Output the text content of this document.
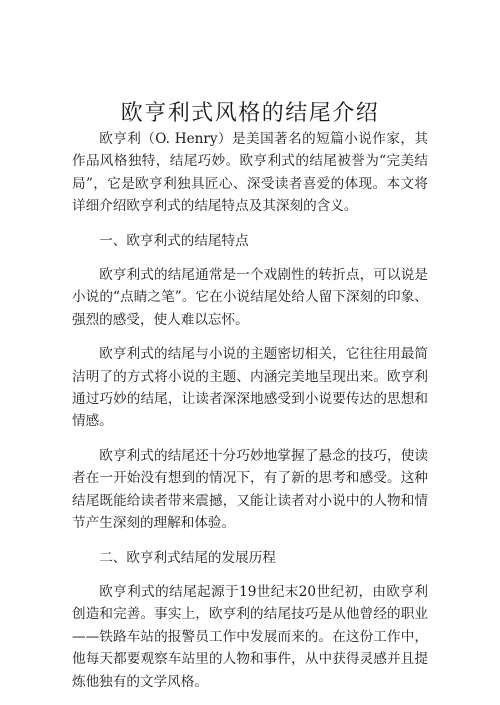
欧亨利式风格的结尾介绍

欧亨利（O. Henry）是美国著名的短篇小说作家，其作品风格独特，结尾巧妙。欧亨利式的结尾被誉为“完美结局”，它是欧亨利独具匠心、深受读者喜爱的体现。本文将详细介绍欧亨利式的结尾特点及其深刻的含义。

一、欧亨利式的结尾特点

欧亨利式的结尾通常是一个戏剧性的转折点，可以说是小说的“点睛之笔”。它在小说结尾处给人留下深刻的印象、强烈的感受，使人难以忘怀。

欧亨利式的结尾与小说的主题密切相关，它往往用最简洁明了的方式将小说的主题、内涵完美地呈现出来。欧亨利通过巧妙的结尾，让读者深深地感受到小说要传达的思想和情感。

欧亨利式的结尾还十分巧妙地掌握了悬念的技巧，使读者在一开始没有想到的情况下，有了新的思考和感受。这种结尾既能给读者带来震撼，又能让读者对小说中的人物和情节产生深刻的理解和体验。

二、欧亨利式结尾的发展历程

欧亨利式的结尾起源于19世纪末20世纪初，由欧亨利创造和完善。事实上，欧亨利的结尾技巧是从他曾经的职业——铁路车站的报警员工作中发展而来的。在这份工作中，他每天都要观察车站里的人物和事件，从中获得灵感并且提炼他独有的文学风格。
